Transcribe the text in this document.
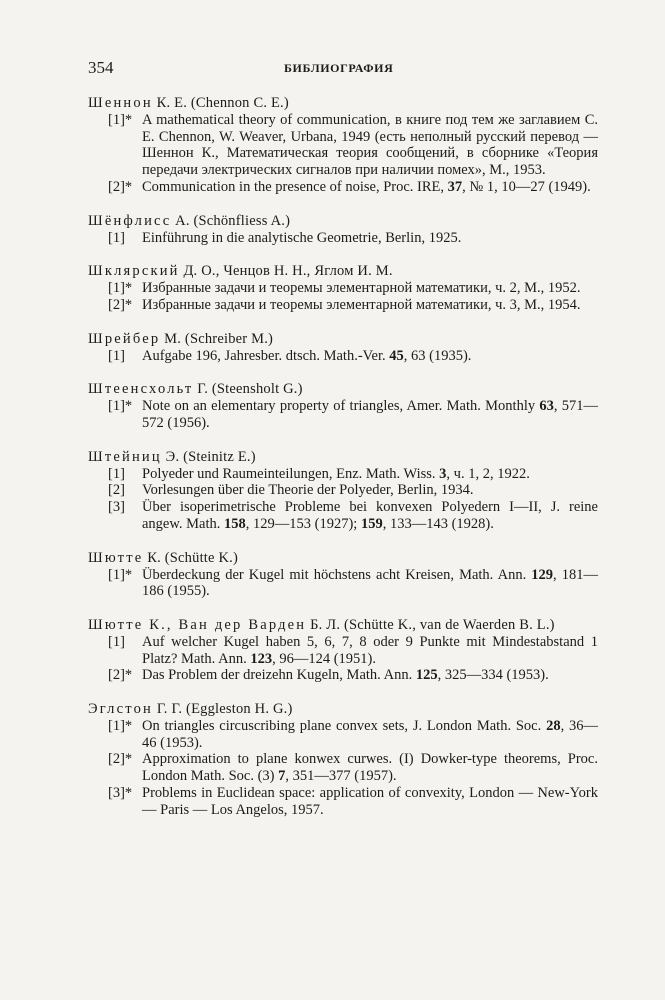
354	БИБЛИОГРАФИЯ
Шеннон К. Е. (Chennon C. E.)
[1]* A mathematical theory of communication, в книге под тем же заглавием C. E. Chennon, W. Weaver, Urbana, 1949 (есть неполный русский перевод — Шеннон К., Математическая теория сообщений, в сборнике «Теория передачи электрических сигналов при наличии помех», М., 1953.
[2]* Communication in the presence of noise, Proc. IRE, 37, № 1, 10—27 (1949).
Шёнфлисс А. (Schönfliess A.)
[1] Einführung in die analytische Geometrie, Berlin, 1925.
Шклярский Д. О., Ченцов Н. Н., Яглом И. М.
[1]* Избранные задачи и теоремы элементарной математики, ч. 2, М., 1952.
[2]* Избранные задачи и теоремы элементарной математики, ч. 3, М., 1954.
Шрейбер М. (Schreiber M.)
[1] Aufgabe 196, Jahresber. dtsch. Math.-Ver. 45, 63 (1935).
Штеенсхольт Г. (Steensholt G.)
[1]* Note on an elementary property of triangles, Amer. Math. Monthly 63, 571—572 (1956).
Штейниц Э. (Steinitz E.)
[1] Polyeder und Raumeinteilungen, Enz. Math. Wiss. 3, ч. 1, 2, 1922.
[2] Vorlesungen über die Theorie der Polyeder, Berlin, 1934.
[3] Über isoperimetrische Probleme bei konvexen Polyedern I—II, J. reine angew. Math. 158, 129—153 (1927); 159, 133—143 (1928).
Шютте К. (Schütte K.)
[1]* Überdeckung der Kugel mit höchstens acht Kreisen, Math. Ann. 129, 181—186 (1955).
Шютте К., Ван дер Варден Б. Л. (Schütte K., van de Waerden B. L.)
[1] Auf welcher Kugel haben 5, 6, 7, 8 oder 9 Punkte mit Mindestabstand 1 Platz? Math. Ann. 123, 96—124 (1951).
[2]* Das Problem der dreizehn Kugeln, Math. Ann. 125, 325—334 (1953).
Эглстон Г. Г. (Eggleston H. G.)
[1]* On triangles circuscribing plane convex sets, J. London Math. Soc. 28, 36—46 (1953).
[2]* Approximation to plane konwex curwes. (I) Dowker-type theorems, Proc. London Math. Soc. (3) 7, 351—377 (1957).
[3]* Problems in Euclidean space: application of convexity, London — New-York — Paris — Los Angelos, 1957.
